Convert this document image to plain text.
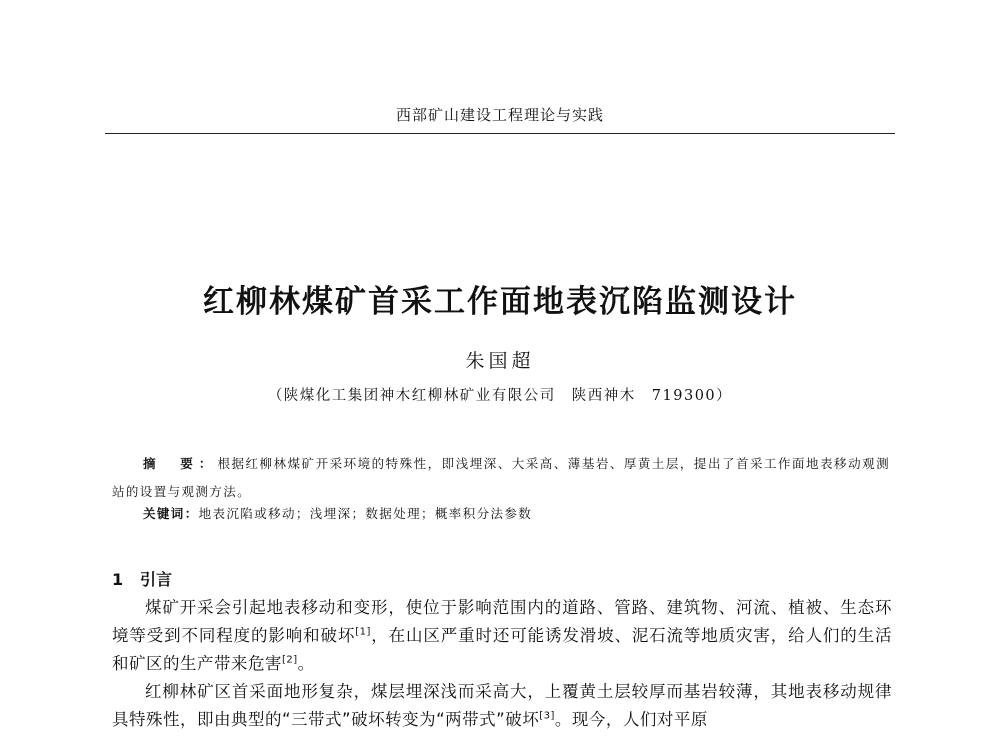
西部矿山建设工程理论与实践
红柳林煤矿首采工作面地表沉陷监测设计
朱国超
（陕煤化工集团神木红柳林矿业有限公司　陕西神木　719300）
摘　要：根据红柳林煤矿开采环境的特殊性，即浅埋深、大采高、薄基岩、厚黄土层，提出了首采工作面地表移动观测站的设置与观测方法。
关键词：地表沉陷或移动；浅埋深；数据处理；概率积分法参数
1 引言

煤矿开采会引起地表移动和变形，使位于影响范围内的道路、管路、建筑物、河流、植被、生态环境等受到不同程度的影响和破坏[1]，在山区严重时还可能诱发滑坡、泥石流等地质灾害，给人们的生活和矿区的生产带来危害[2]。

红柳林矿区首采面地形复杂，煤层埋深浅而采高大，上覆黄土层较厚而基岩较薄，其地表移动规律具特殊性，即由典型的“三带式”破坏转变为“两带式”破坏[3]。现今，人们对平原
